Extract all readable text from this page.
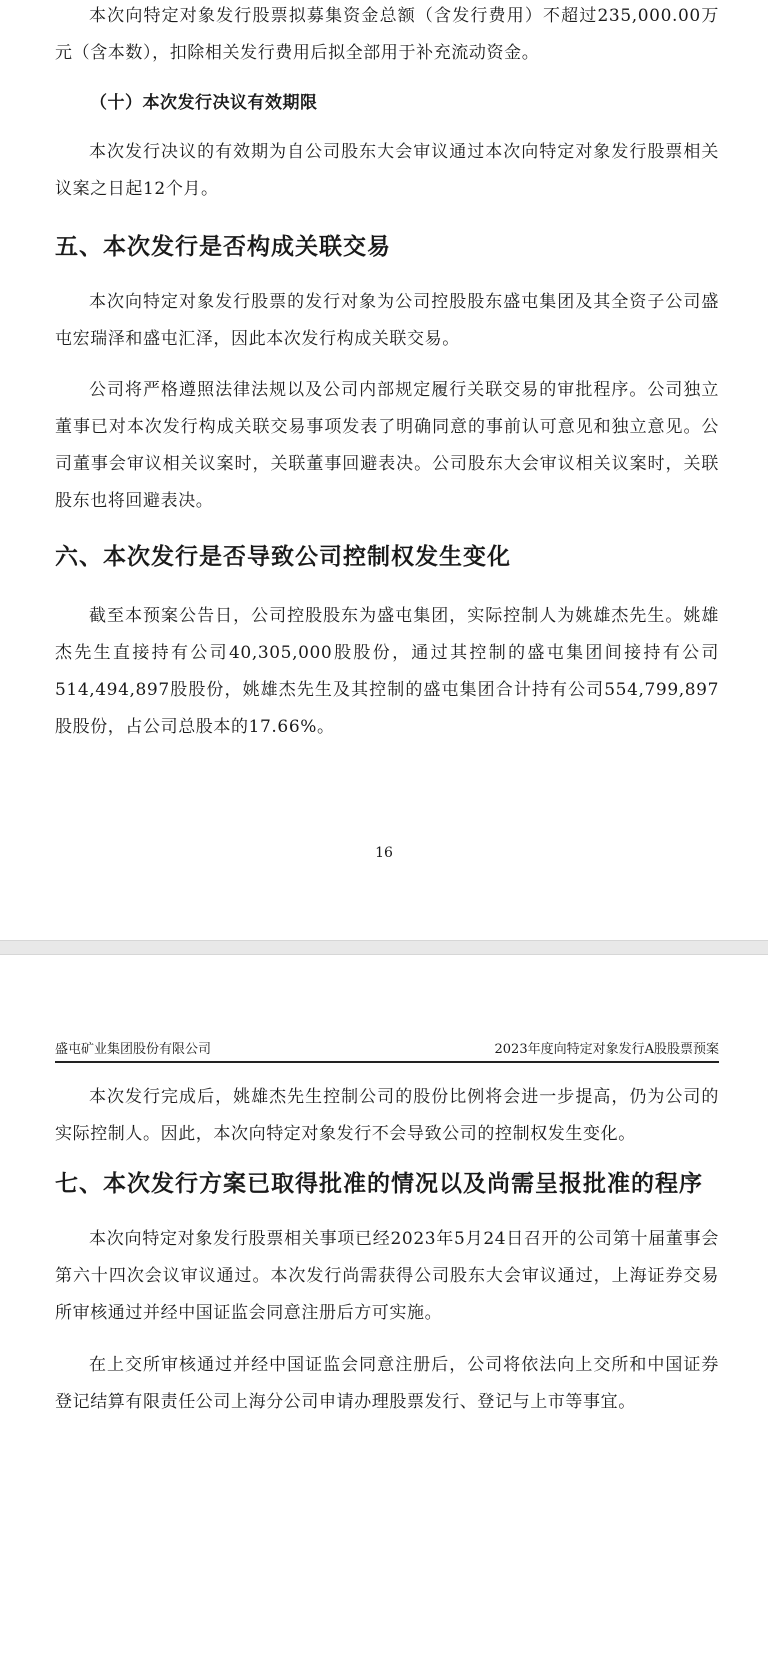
本次向特定对象发行股票拟募集资金总额（含发行费用）不超过235,000.00万元（含本数），扣除相关发行费用后拟全部用于补充流动资金。

（十）本次发行决议有效期限

本次发行决议的有效期为自公司股东大会审议通过本次向特定对象发行股票相关议案之日起12个月。

五、本次发行是否构成关联交易

本次向特定对象发行股票的发行对象为公司控股股东盛屯集团及其全资子公司盛屯宏瑞泽和盛屯汇泽，因此本次发行构成关联交易。

公司将严格遵照法律法规以及公司内部规定履行关联交易的审批程序。公司独立董事已对本次发行构成关联交易事项发表了明确同意的事前认可意见和独立意见。公司董事会审议相关议案时，关联董事回避表决。公司股东大会审议相关议案时，关联股东也将回避表决。

六、本次发行是否导致公司控制权发生变化

截至本预案公告日，公司控股股东为盛屯集团，实际控制人为姚雄杰先生。姚雄杰先生直接持有公司40,305,000股股份，通过其控制的盛屯集团间接持有公司514,494,897股股份，姚雄杰先生及其控制的盛屯集团合计持有公司554,799,897股股份，占公司总股本的17.66%。

16
盛屯矿业集团股份有限公司	2023年度向特定对象发行A股股票预案

本次发行完成后，姚雄杰先生控制公司的股份比例将会进一步提高，仍为公司的实际控制人。因此，本次向特定对象发行不会导致公司的控制权发生变化。

七、本次发行方案已取得批准的情况以及尚需呈报批准的程序

本次向特定对象发行股票相关事项已经2023年5月24日召开的公司第十届董事会第六十四次会议审议通过。本次发行尚需获得公司股东大会审议通过，上海证券交易所审核通过并经中国证监会同意注册后方可实施。

在上交所审核通过并经中国证监会同意注册后，公司将依法向上交所和中国证券登记结算有限责任公司上海分公司申请办理股票发行、登记与上市等事宜。
